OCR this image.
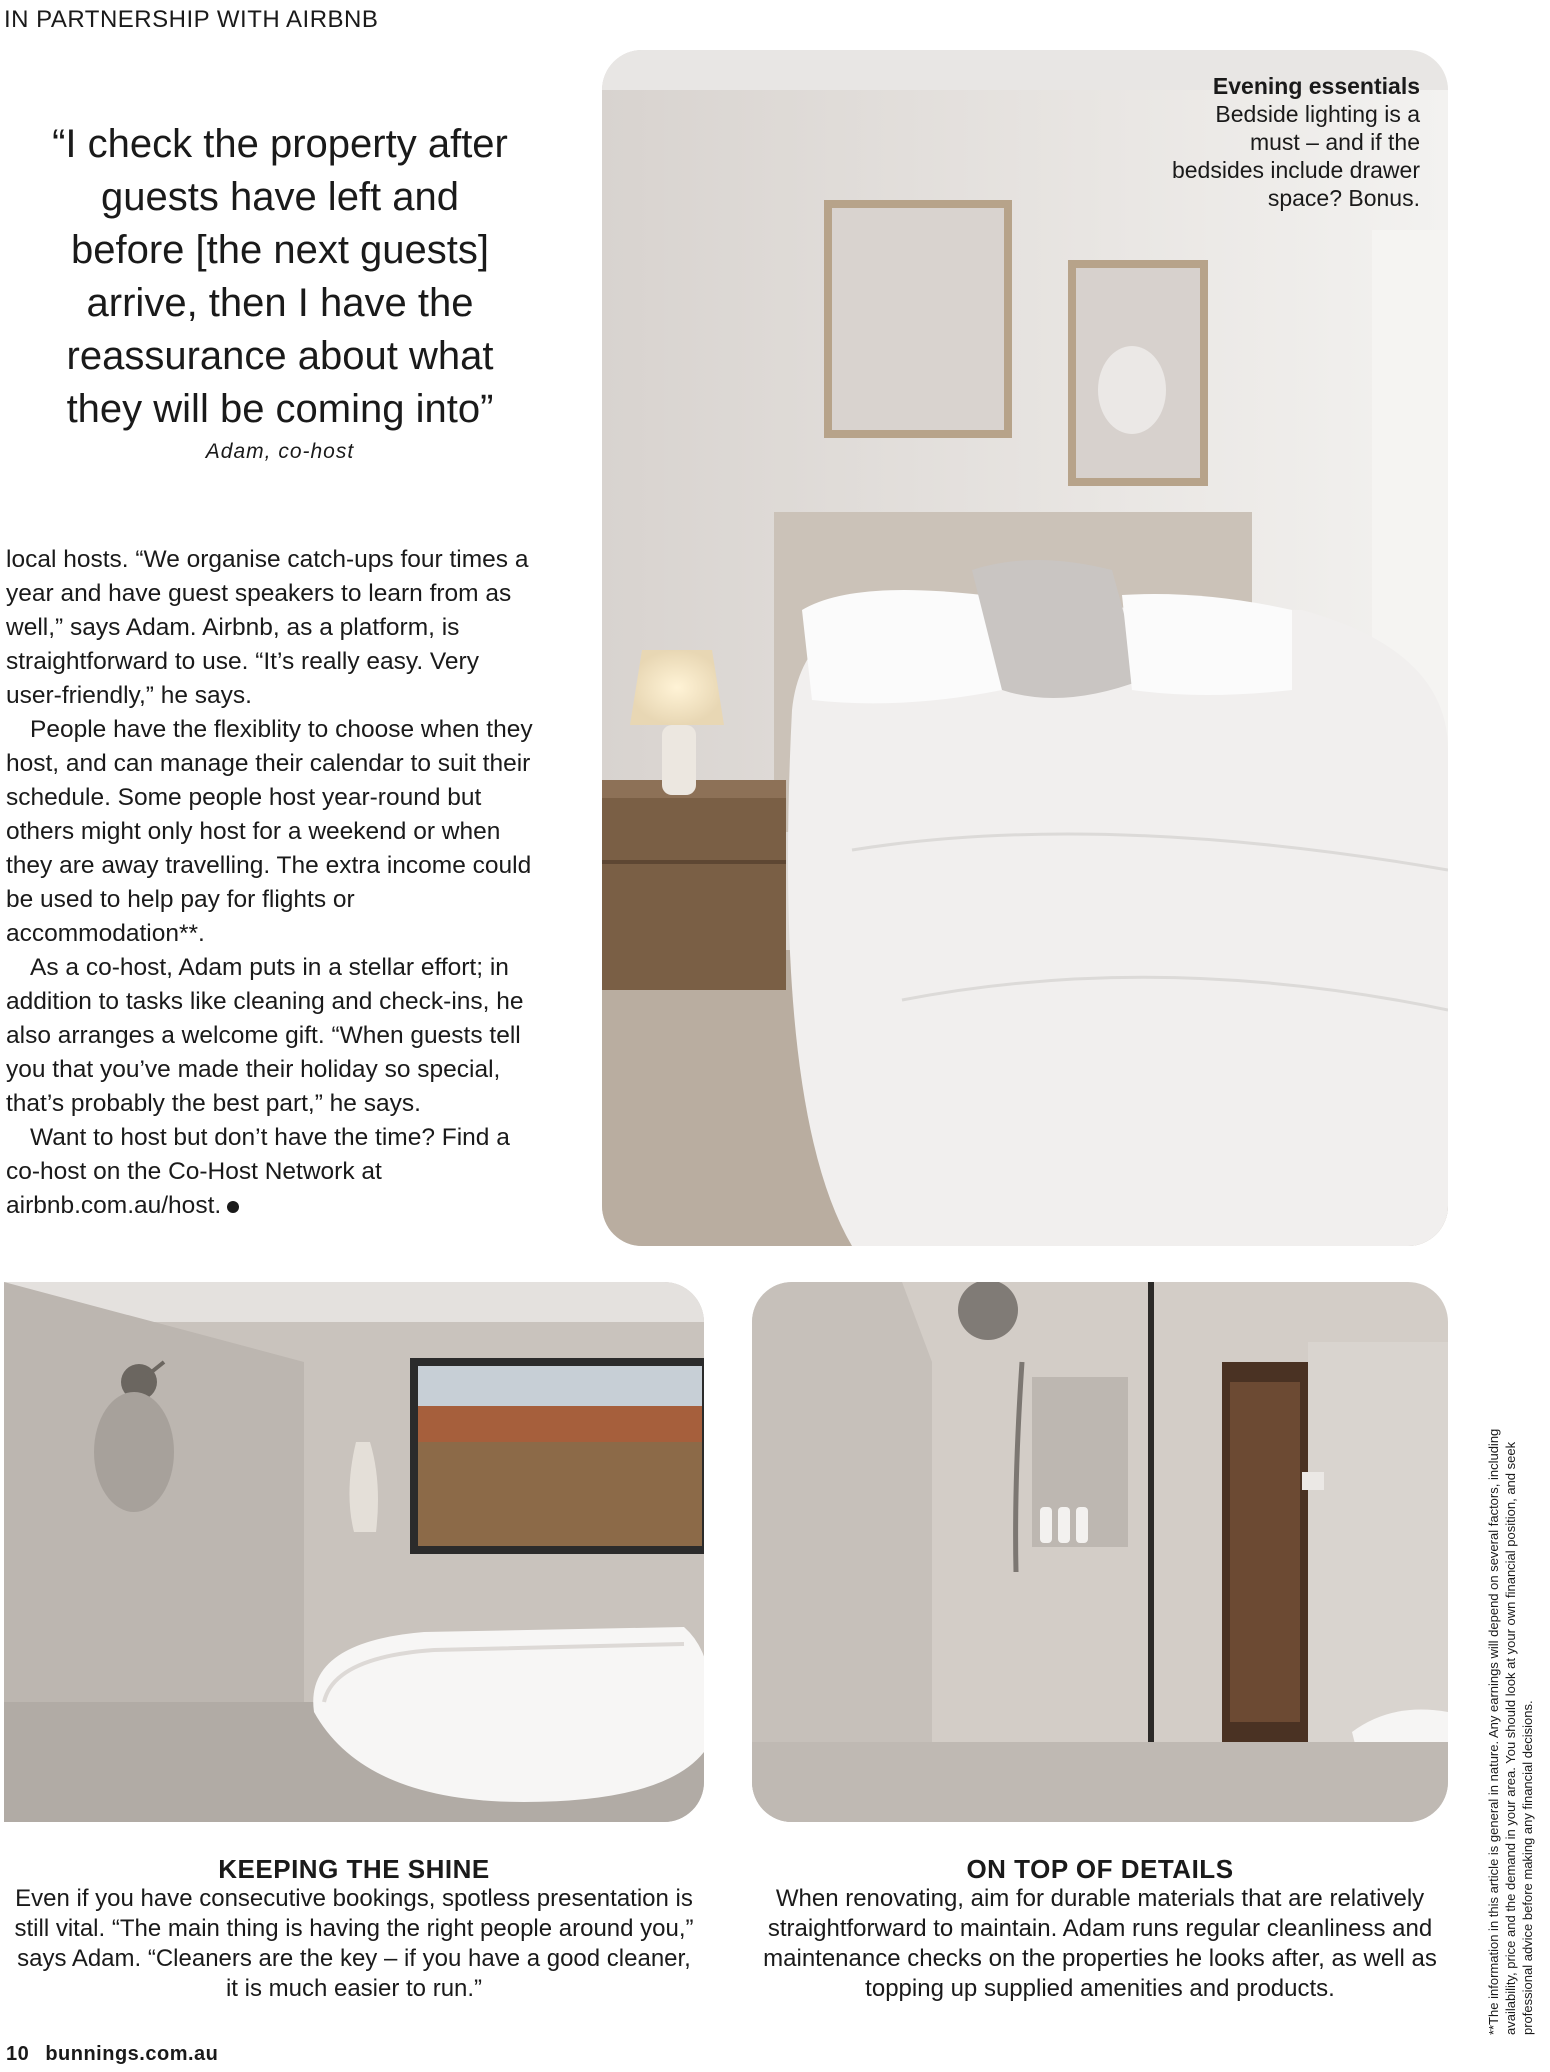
IN PARTNERSHIP WITH AIRBNB
“I check the property after guests have left and before [the next guests] arrive, then I have the reassurance about what they will be coming into”
Adam, co-host

local hosts. “We organise catch-ups four times a year and have guest speakers to learn from as well,” says Adam. Airbnb, as a platform, is straightforward to use. “It’s really easy. Very user-friendly,” he says.

People have the flexiblity to choose when they host, and can manage their calendar to suit their schedule. Some people host year-round but others might only host for a weekend or when they are away travelling. The extra income could be used to help pay for flights or accommodation**.

As a co-host, Adam puts in a stellar effort; in addition to tasks like cleaning and check-ins, he also arranges a welcome gift. “When guests tell you that you’ve made their holiday so special, that’s probably the best part,” he says.

Want to host but don’t have the time? Find a co-host on the Co-Host Network at airbnb.com.au/host.

Evening essentials
Bedside lighting is a must – and if the bedsides include drawer space? Bonus.
KEEPING THE SHINE
Even if you have consecutive bookings, spotless presentation is still vital. “The main thing is having the right people around you,” says Adam. “Cleaners are the key – if you have a good cleaner, it is much easier to run.”
ON TOP OF DETAILS
When renovating, aim for durable materials that are relatively straightforward to maintain. Adam runs regular cleanliness and maintenance checks on the properties he looks after, as well as topping up supplied amenities and products.	**The information in this article is general in nature. Any earnings will depend on several factors, including availability, price and the demand in your area. You should look at your own financial position, and seek professional advice before making any financial decisions.
10 bunnings.com.au
